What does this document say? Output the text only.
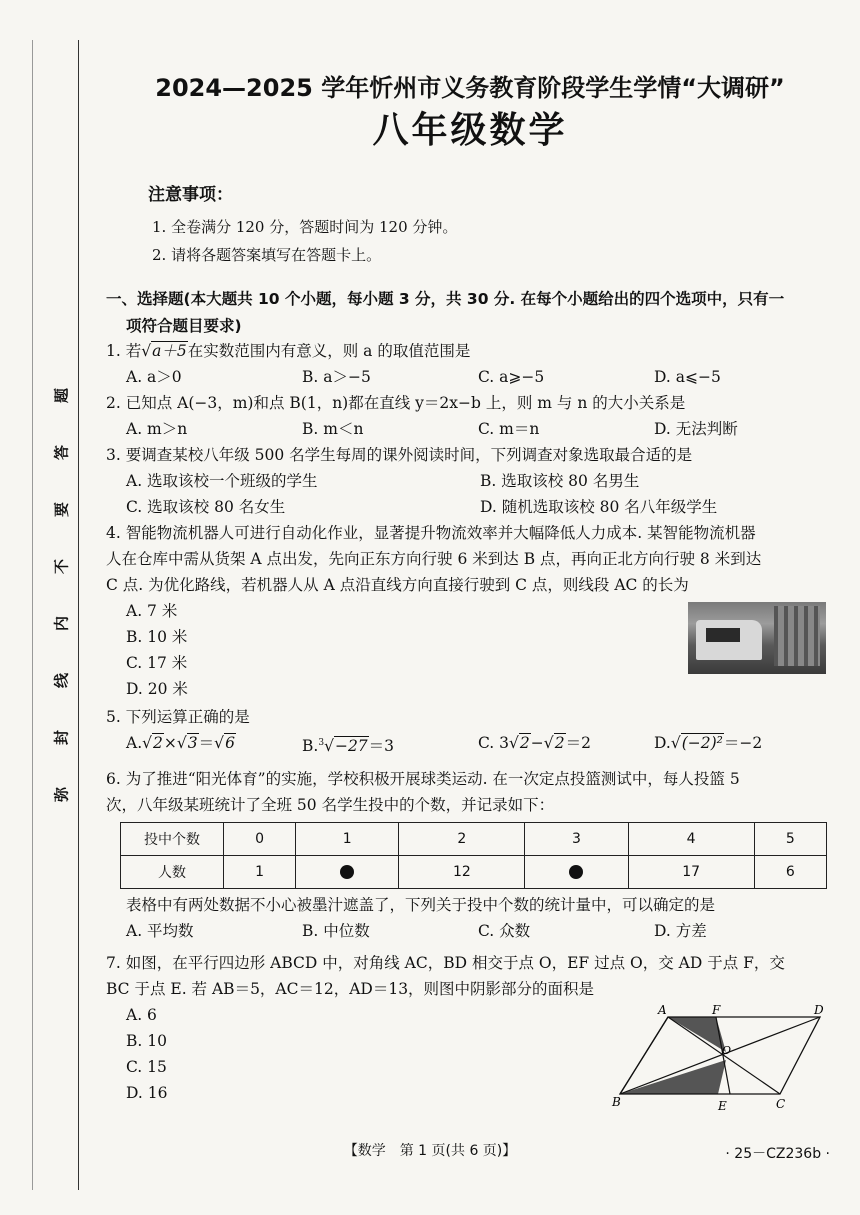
题
答
要
不
内
线
封
弥
2024—2025 学年忻州市义务教育阶段学生学情“大调研”
八年级数学
注意事项：
1. 全卷满分 120 分，答题时间为 120 分钟。
2. 请将各题答案填写在答题卡上。
一、选择题(本大题共 10 个小题，每小题 3 分，共 30 分. 在每个小题给出的四个选项中，只有一
项符合题目要求)
1. 若√a＋5在实数范围内有意义，则 a 的取值范围是
A. a＞0	B. a＞−5	C. a⩾−5	D. a⩽−5
2. 已知点 A(−3，m)和点 B(1，n)都在直线 y＝2x−b 上，则 m 与 n 的大小关系是
A. m＞n	B. m＜n	C. m＝n	D. 无法判断
3. 要调查某校八年级 500 名学生每周的课外阅读时间，下列调查对象选取最合适的是
A. 选取该校一个班级的学生	B. 选取该校 80 名男生
C. 选取该校 80 名女生	D. 随机选取该校 80 名八年级学生
4. 智能物流机器人可进行自动化作业，显著提升物流效率并大幅降低人力成本. 某智能物流机器
人在仓库中需从货架 A 点出发，先向正东方向行驶 6 米到达 B 点，再向正北方向行驶 8 米到达
C 点. 为优化路线，若机器人从 A 点沿直线方向直接行驶到 C 点，则线段 AC 的长为
A. 7 米
B. 10 米
C. 17 米
D. 20 米
5. 下列运算正确的是
A.√2×√3＝√6	B.$^3$√−27＝3	C. 3√2−√2＝2	D.√(−2)²＝−2
6. 为了推进“阳光体育”的实施，学校积极开展球类运动. 在一次定点投篮测试中，每人投篮 5
次，八年级某班统计了全班 50 名学生投中的个数，并记录如下：
表格中有两处数据不小心被墨汁遮盖了，下列关于投中个数的统计量中，可以确定的是
A. 平均数	B. 中位数	C. 众数	D. 方差
7. 如图，在平行四边形 ABCD 中，对角线 AC，BD 相交于点 O，EF 过点 O，交 AD 于点 F，交
BC 于点 E. 若 AB＝5，AC＝12，AD＝13，则图中阴影部分的面积是
A. 6
B. 10
C. 15
D. 16
投中个数	0	1	2	3	4	5
人数	1		12		17	6
A	F	D
O
B	E	C
【数学　第 1 页(共 6 页)】	· 25－CZ236b ·
